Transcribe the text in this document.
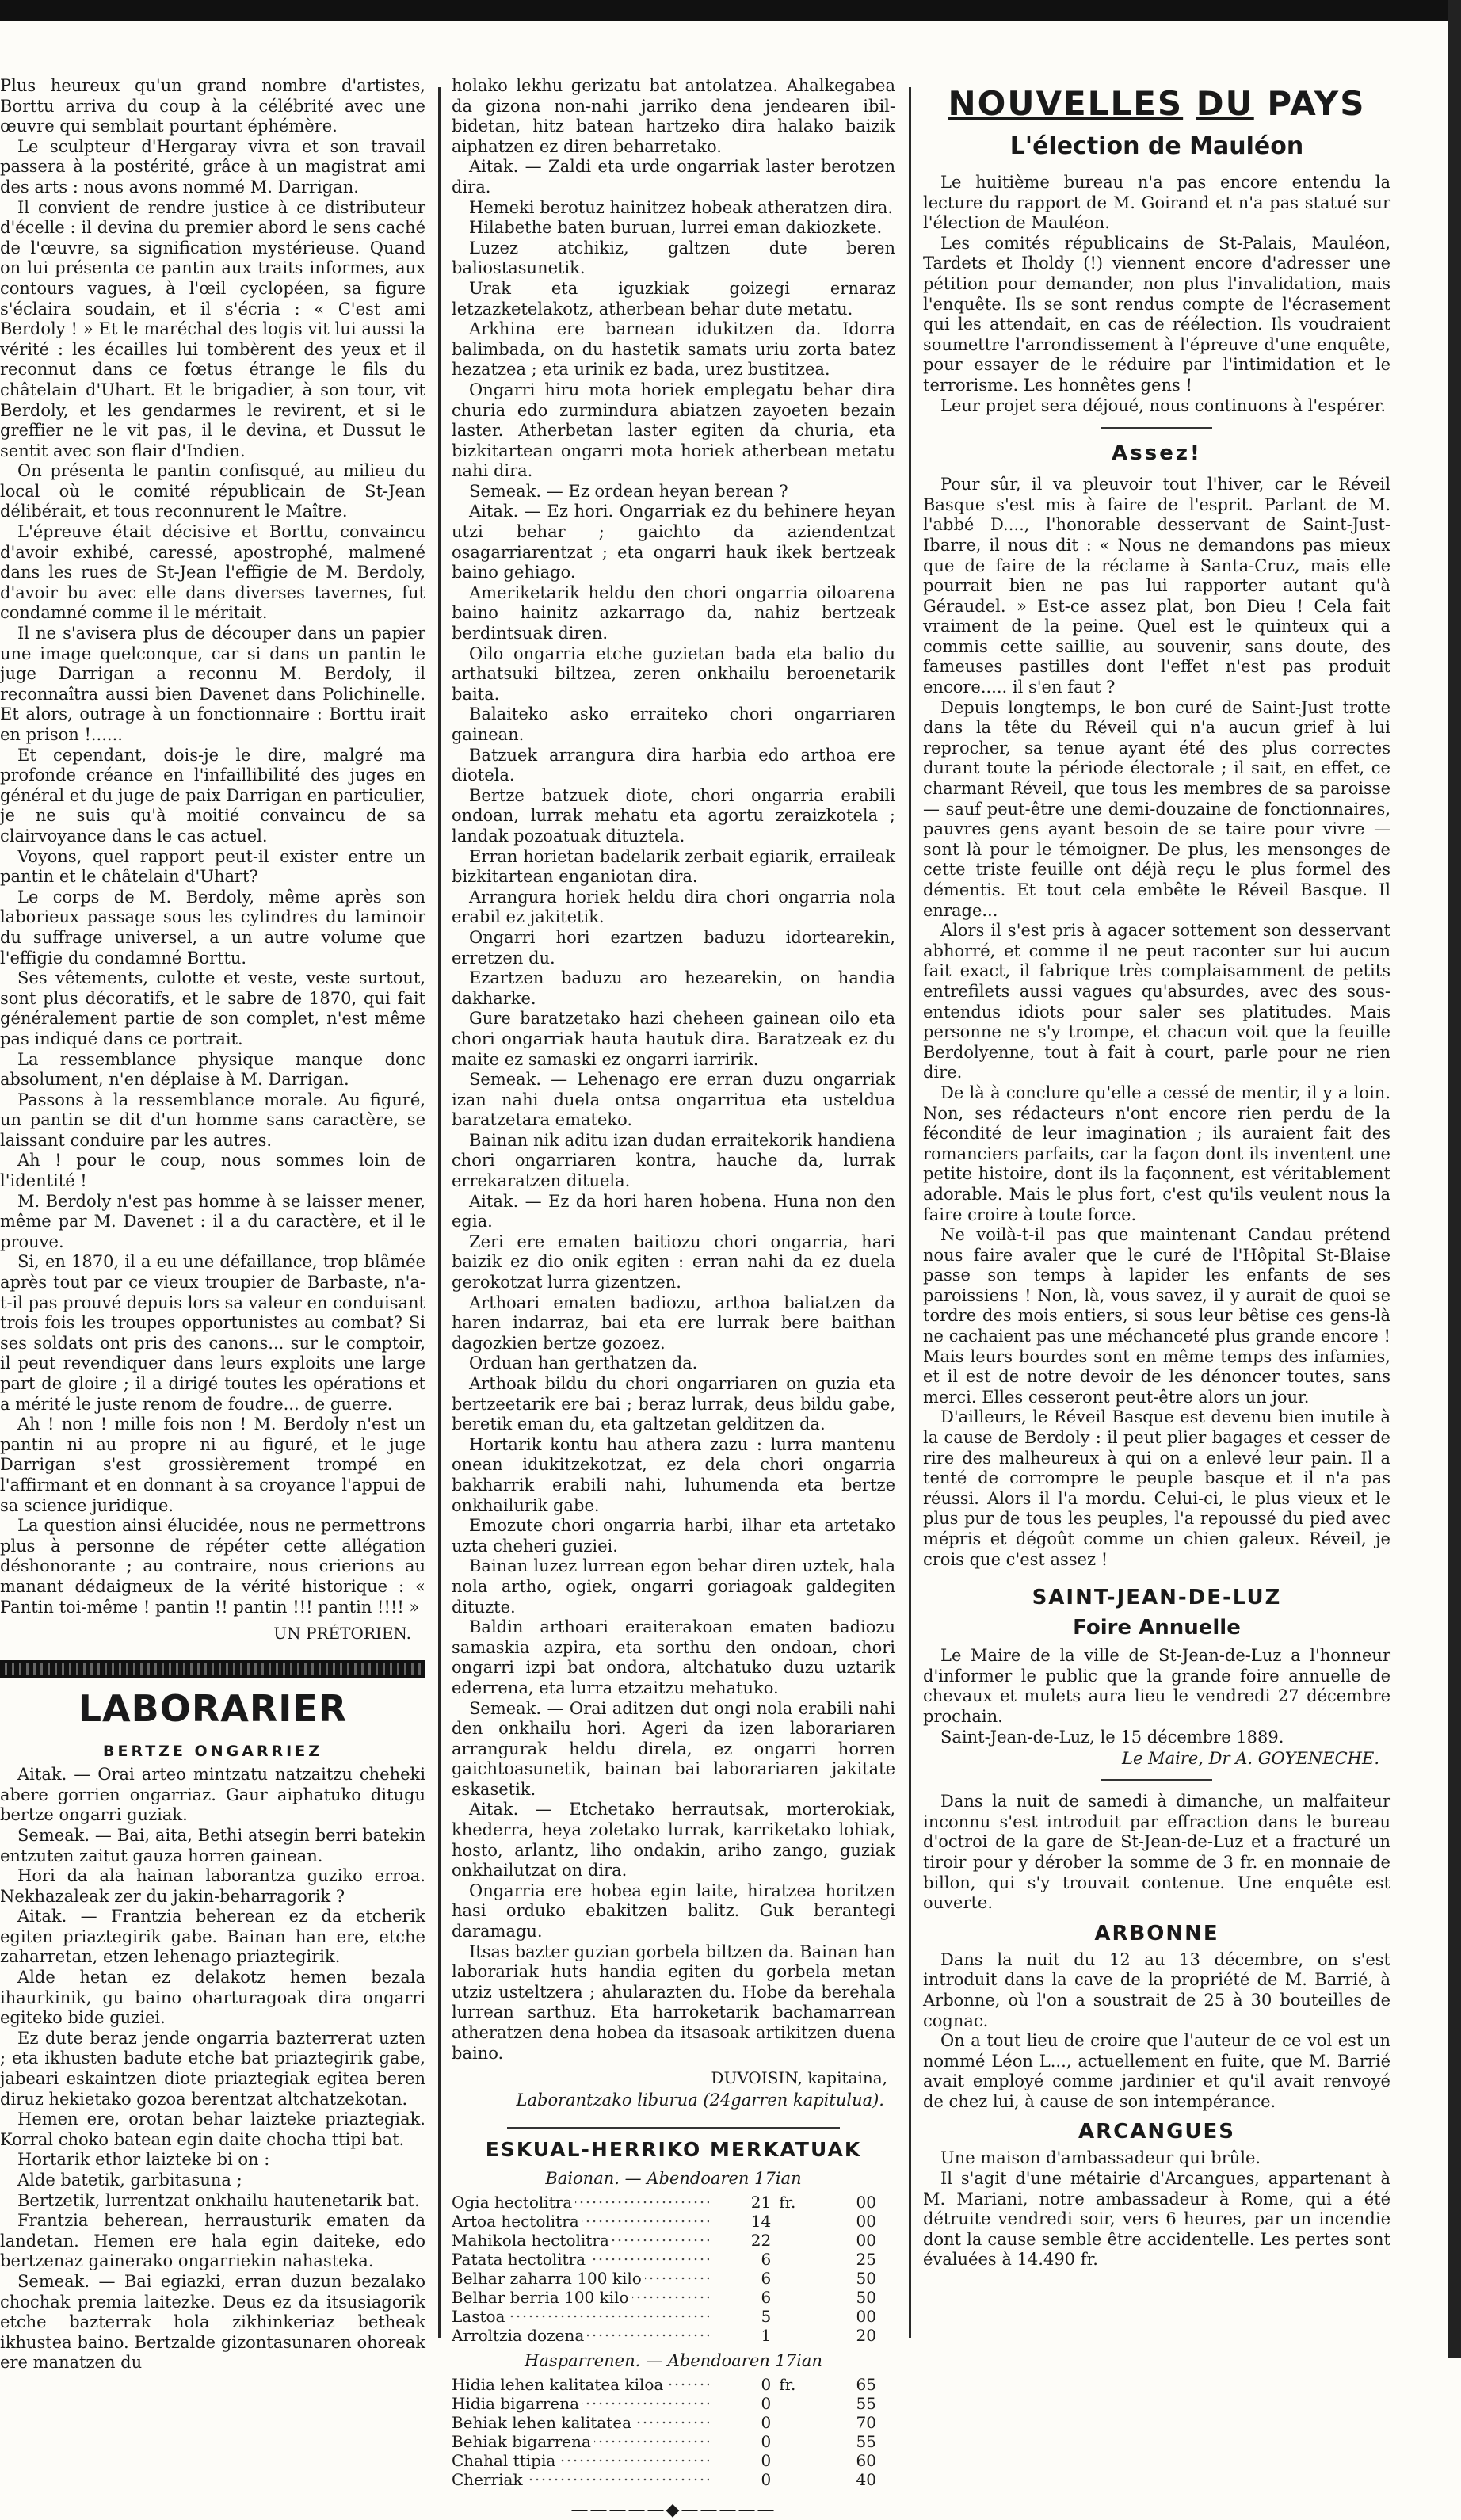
Plus heureux qu'un grand nombre d'artistes, Borttu arriva du coup à la célébrité avec une œuvre qui semblait pourtant éphémère.

Le sculpteur d'Hergaray vivra et son travail passera à la postérité, grâce à un magistrat ami des arts : nous avons nommé M. Darrigan.

Il convient de rendre justice à ce distributeur d'écelle : il devina du premier abord le sens caché de l'œuvre, sa signification mystérieuse. Quand on lui présenta ce pantin aux traits informes, aux contours vagues, à l'œil cyclopéen, sa figure s'éclaira soudain, et il s'écria : « C'est ami Berdoly ! » Et le maréchal des logis vit lui aussi la vérité : les écailles lui tombèrent des yeux et il reconnut dans ce fœtus étrange le fils du châtelain d'Uhart. Et le brigadier, à son tour, vit Berdoly, et les gendarmes le revirent, et si le greffier ne le vit pas, il le devina, et Dussut le sentit avec son flair d'Indien.

On présenta le pantin confisqué, au milieu du local où le comité républicain de St-Jean délibérait, et tous reconnurent le Maître.

L'épreuve était décisive et Borttu, convaincu d'avoir exhibé, caressé, apostrophé, malmené dans les rues de St-Jean l'effigie de M. Berdoly, d'avoir bu avec elle dans diverses tavernes, fut condamné comme il le méritait.

Il ne s'avisera plus de découper dans un papier une image quelconque, car si dans un pantin le juge Darrigan a reconnu M. Berdoly, il reconnaîtra aussi bien Davenet dans Polichinelle. Et alors, outrage à un fonctionnaire : Borttu irait en prison !......

Et cependant, dois-je le dire, malgré ma profonde créance en l'infaillibilité des juges en général et du juge de paix Darrigan en particulier, je ne suis qu'à moitié convaincu de sa clairvoyance dans le cas actuel.

Voyons, quel rapport peut-il exister entre un pantin et le châtelain d'Uhart?

Le corps de M. Berdoly, même après son laborieux passage sous les cylindres du laminoir du suffrage universel, a un autre volume que l'effigie du condamné Borttu.

Ses vêtements, culotte et veste, veste surtout, sont plus décoratifs, et le sabre de 1870, qui fait généralement partie de son complet, n'est même pas indiqué dans ce portrait.

La ressemblance physique manque donc absolument, n'en déplaise à M. Darrigan.

Passons à la ressemblance morale. Au figuré, un pantin se dit d'un homme sans caractère, se laissant conduire par les autres.

Ah ! pour le coup, nous sommes loin de l'identité !

M. Berdoly n'est pas homme à se laisser mener, même par M. Davenet : il a du caractère, et il le prouve.

Si, en 1870, il a eu une défaillance, trop blâmée après tout par ce vieux troupier de Barbaste, n'a-t-il pas prouvé depuis lors sa valeur en conduisant trois fois les troupes opportunistes au combat? Si ses soldats ont pris des canons... sur le comptoir, il peut revendiquer dans leurs exploits une large part de gloire ; il a dirigé toutes les opérations et a mérité le juste renom de foudre... de guerre.

Ah ! non ! mille fois non ! M. Berdoly n'est un pantin ni au propre ni au figuré, et le juge Darrigan s'est grossièrement trompé en l'affirmant et en donnant à sa croyance l'appui de sa science juridique.

La question ainsi élucidée, nous ne permettrons plus à personne de répéter cette allégation déshonorante ; au contraire, nous crierions au manant dédaigneux de la vérité historique : « Pantin toi-même ! pantin !! pantin !!! pantin !!!! »

UN PRÉTORIEN.
LABORARIER
BERTZE ONGARRIEZ

Aitak. — Orai arteo mintzatu natzaitzu cheheki abere gorrien ongarriaz. Gaur aiphatuko ditugu bertze ongarri guziak.

Semeak. — Bai, aita, Bethi atsegin berri batekin entzuten zaitut gauza horren gainean.

Hori da ala hainan laborantza guziko erroa. Nekhazaleak zer du jakin-beharragorik ?

Aitak. — Frantzia beherean ez da etcherik egiten priaztegirik gabe. Bainan han ere, etche zaharretan, etzen lehenago priaztegirik.

Alde hetan ez delakotz hemen bezala ihaurkinik, gu baino oharturagoak dira ongarri egiteko bide guziei.

Ez dute beraz jende ongarria bazterrerat uzten ; eta ikhusten badute etche bat priaztegirik gabe, jabeari eskaintzen diote priaztegiak egitea beren diruz hekietako gozoa berentzat altchatzekotan.

Hemen ere, orotan behar laizteke priaztegiak. Korral choko batean egin daite chocha ttipi bat.

Hortarik ethor laizteke bi on :

Alde batetik, garbitasuna ;

Bertzetik, lurrentzat onkhailu hautenetarik bat.

Frantzia beherean, herrausturik ematen da landetan. Hemen ere hala egin daiteke, edo bertzenaz gainerako ongarriekin nahasteka.

Semeak. — Bai egiazki, erran duzun bezalako chochak premia laitezke. Deus ez da itsusiagorik etche bazterrak hola zikhinkeriaz betheak ikhustea baino. Bertzalde gizontasunaren ohoreak ere manatzen du

holako lekhu gerizatu bat antolatzea. Ahalkegabea da gizona non-nahi jarriko dena jendearen ibil-bidetan, hitz batean hartzeko dira halako baizik aiphatzen ez diren beharretako.

Aitak. — Zaldi eta urde ongarriak laster berotzen dira.

Hemeki berotuz hainitzez hobeak atheratzen dira.

Hilabethe baten buruan, lurrei eman dakiozkete.

Luzez atchikiz, galtzen dute beren baliostasunetik.

Urak eta iguzkiak goizegi ernaraz letzazketelakotz, atherbean behar dute metatu.

Arkhina ere barnean idukitzen da. Idorra balimbada, on du hastetik samats uriu zorta batez hezatzea ; eta urinik ez bada, urez bustitzea.

Ongarri hiru mota horiek emplegatu behar dira churia edo zurmindura abiatzen zayoeten bezain laster. Atherbetan laster egiten da churia, eta bizkitartean ongarri mota horiek atherbean metatu nahi dira.

Semeak. — Ez ordean heyan berean ?

Aitak. — Ez hori. Ongarriak ez du behinere heyan utzi behar ; gaichto da aziendentzat osagarriarentzat ; eta ongarri hauk ikek bertzeak baino gehiago.

Ameriketarik heldu den chori ongarria oiloarena baino hainitz azkarrago da, nahiz bertzeak berdintsuak diren.

Oilo ongarria etche guzietan bada eta balio du arthatsuki biltzea, zeren onkhailu beroenetarik baita.

Balaiteko asko erraiteko chori ongarriaren gainean.

Batzuek arrangura dira harbia edo arthoa ere diotela.

Bertze batzuek diote, chori ongarria erabili ondoan, lurrak mehatu eta agortu zeraizkotela ; landak pozoatuak dituztela.

Erran horietan badelarik zerbait egiarik, erraileak bizkitartean enganiotan dira.

Arrangura horiek heldu dira chori ongarria nola erabil ez jakitetik.

Ongarri hori ezartzen baduzu idortearekin, erretzen du.

Ezartzen baduzu aro hezearekin, on handia dakharke.

Gure baratzetako hazi cheheen gainean oilo eta chori ongarriak hauta hautuk dira. Baratzeak ez du maite ez samaski ez ongarri iarririk.

Semeak. — Lehenago ere erran duzu ongarriak izan nahi duela ontsa ongarritua eta usteldua baratzetara emateko.

Bainan nik aditu izan dudan erraitekorik handiena chori ongarriaren kontra, hauche da, lurrak errekaratzen dituela.

Aitak. — Ez da hori haren hobena. Huna non den egia.

Zeri ere ematen baitiozu chori ongarria, hari baizik ez dio onik egiten : erran nahi da ez duela gerokotzat lurra gizentzen.

Arthoari ematen badiozu, arthoa baliatzen da haren indarraz, bai eta ere lurrak bere baithan dagozkien bertze gozoez.

Orduan han gerthatzen da.

Arthoak bildu du chori ongarriaren on guzia eta bertzeetarik ere bai ; beraz lurrak, deus bildu gabe, beretik eman du, eta galtzetan gelditzen da.

Hortarik kontu hau athera zazu : lurra mantenu onean idukitzekotzat, ez dela chori ongarria bakharrik erabili nahi, luhumenda eta bertze onkhailurik gabe.

Emozute chori ongarria harbi, ilhar eta artetako uzta cheheri guziei.

Bainan luzez lurrean egon behar diren uztek, hala nola artho, ogiek, ongarri goriagoak galdegiten dituzte.

Baldin arthoari eraiterakoan ematen badiozu samaskia azpira, eta sorthu den ondoan, chori ongarri izpi bat ondora, altchatuko duzu uztarik ederrena, eta lurra etzaitzu mehatuko.

Semeak. — Orai aditzen dut ongi nola erabili nahi den onkhailu hori. Ageri da izen laborariaren arrangurak heldu direla, ez ongarri horren gaichtoasunetik, bainan bai laborariaren jakitate eskasetik.

Aitak. — Etchetako herrautsak, morterokiak, khederra, heya zoletako lurrak, karriketako lohiak, hosto, arlantz, liho ondakin, ariho zango, guziak onkhailutzat on dira.

Ongarria ere hobea egin laite, hiratzea horitzen hasi orduko ebakitzen balitz. Guk berantegi daramagu.

Itsas bazter guzian gorbela biltzen da. Bainan han laborariak huts handia egiten du gorbela metan utziz usteltzera ; ahularazten du. Hobe da berehala lurrean sarthuz. Eta harroketarik bachamarrean atheratzen dena hobea da itsasoak artikitzen duena baino.

DUVOISIN, kapitaina,
Laborantzako liburua (24garren kapitulua).
ESKUAL-HERRIKO MERKATUAK
Baionan. — Abendoaren 17ian
Ogia hectolitra	21	fr.	00
Artoa hectolitra	14		00
Mahikola hectolitra	22		00
Patata hectolitra	6		25
Belhar zaharra 100 kilo	6		50
Belhar berria 100 kilo	6		50
Lastoa	5		00
Arroltzia dozena	1		20
Hasparrenen. — Abendoaren 17ian
Hidia lehen kalitatea kiloa	0	fr.	65
Hidia bigarrena	0		55
Behiak lehen kalitatea	0		70
Behiak bigarrena	0		55
Chahal ttipia	0		60
Cherriak	0		40
—————◆—————
NOUVELLES DU PAYS
L'élection de Mauléon

Le huitième bureau n'a pas encore entendu la lecture du rapport de M. Goirand et n'a pas statué sur l'élection de Mauléon.

Les comités républicains de St-Palais, Mauléon, Tardets et Iholdy (!) viennent encore d'adresser une pétition pour demander, non plus l'invalidation, mais l'enquête. Ils se sont rendus compte de l'écrasement qui les attendait, en cas de réélection. Ils voudraient soumettre l'arrondissement à l'épreuve d'une enquête, pour essayer de le réduire par l'intimidation et le terrorisme. Les honnêtes gens !

Leur projet sera déjoué, nous continuons à l'espérer.

Assez!

Pour sûr, il va pleuvoir tout l'hiver, car le Réveil Basque s'est mis à faire de l'esprit. Parlant de M. l'abbé D...., l'honorable desservant de Saint-Just-Ibarre, il nous dit : « Nous ne demandons pas mieux que de faire de la réclame à Santa-Cruz, mais elle pourrait bien ne pas lui rapporter autant qu'à Géraudel. » Est-ce assez plat, bon Dieu ! Cela fait vraiment de la peine. Quel est le quinteux qui a commis cette saillie, au souvenir, sans doute, des fameuses pastilles dont l'effet n'est pas produit encore..... il s'en faut ?

Depuis longtemps, le bon curé de Saint-Just trotte dans la tête du Réveil qui n'a aucun grief à lui reprocher, sa tenue ayant été des plus correctes durant toute la période électorale ; il sait, en effet, ce charmant Réveil, que tous les membres de sa paroisse — sauf peut-être une demi-douzaine de fonctionnaires, pauvres gens ayant besoin de se taire pour vivre — sont là pour le témoigner. De plus, les mensonges de cette triste feuille ont déjà reçu le plus formel des démentis. Et tout cela embête le Réveil Basque. Il enrage...

Alors il s'est pris à agacer sottement son desservant abhorré, et comme il ne peut raconter sur lui aucun fait exact, il fabrique très complaisamment de petits entrefilets aussi vagues qu'absurdes, avec des sous-entendus idiots pour saler ses platitudes. Mais personne ne s'y trompe, et chacun voit que la feuille Berdolyenne, tout à fait à court, parle pour ne rien dire.

De là à conclure qu'elle a cessé de mentir, il y a loin. Non, ses rédacteurs n'ont encore rien perdu de la fécondité de leur imagination ; ils auraient fait des romanciers parfaits, car la façon dont ils inventent une petite histoire, dont ils la façonnent, est véritablement adorable. Mais le plus fort, c'est qu'ils veulent nous la faire croire à toute force.

Ne voilà-t-il pas que maintenant Candau prétend nous faire avaler que le curé de l'Hôpital St-Blaise passe son temps à lapider les enfants de ses paroissiens ! Non, là, vous savez, il y aurait de quoi se tordre des mois entiers, si sous leur bêtise ces gens-là ne cachaient pas une méchanceté plus grande encore ! Mais leurs bourdes sont en même temps des infamies, et il est de notre devoir de les dénoncer toutes, sans merci. Elles cesseront peut-être alors un jour.

D'ailleurs, le Réveil Basque est devenu bien inutile à la cause de Berdoly : il peut plier bagages et cesser de rire des malheureux à qui on a enlevé leur pain. Il a tenté de corrompre le peuple basque et il n'a pas réussi. Alors il l'a mordu. Celui-ci, le plus vieux et le plus pur de tous les peuples, l'a repoussé du pied avec mépris et dégoût comme un chien galeux. Réveil, je crois que c'est assez !

SAINT-JEAN-DE-LUZ
Foire Annuelle

Le Maire de la ville de St-Jean-de-Luz a l'honneur d'informer le public que la grande foire annuelle de chevaux et mulets aura lieu le vendredi 27 décembre prochain.

Saint-Jean-de-Luz, le 15 décembre 1889.

Le Maire, Dr A. GOYENECHE.

Dans la nuit de samedi à dimanche, un malfaiteur inconnu s'est introduit par effraction dans le bureau d'octroi de la gare de St-Jean-de-Luz et a fracturé un tiroir pour y dérober la somme de 3 fr. en monnaie de billon, qui s'y trouvait contenue. Une enquête est ouverte.

ARBONNE

Dans la nuit du 12 au 13 décembre, on s'est introduit dans la cave de la propriété de M. Barrié, à Arbonne, où l'on a soustrait de 25 à 30 bouteilles de cognac.

On a tout lieu de croire que l'auteur de ce vol est un nommé Léon L..., actuellement en fuite, que M. Barrié avait employé comme jardinier et qu'il avait renvoyé de chez lui, à cause de son intempérance.

ARCANGUES

Une maison d'ambassadeur qui brûle.

Il s'agit d'une métairie d'Arcangues, appartenant à M. Mariani, notre ambassadeur à Rome, qui a été détruite vendredi soir, vers 6 heures, par un incendie dont la cause semble être accidentelle. Les pertes sont évaluées à 14.490 fr.
